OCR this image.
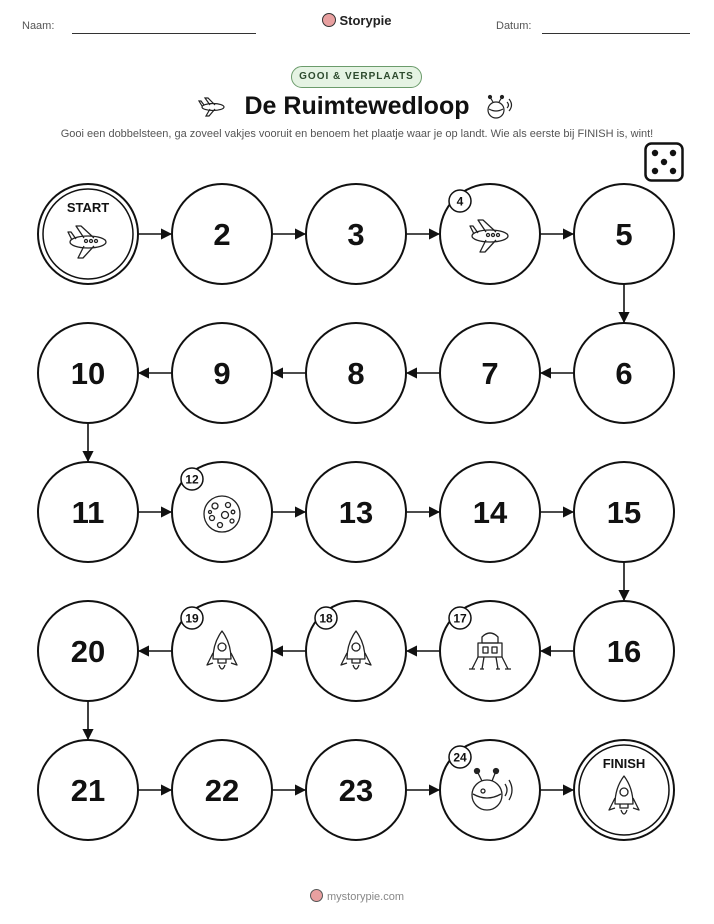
Naam:	Storypie	Datum:
GOOI & VERPLAATS
De Ruimtewedloop
Gooi een dobbelsteen, ga zoveel vakjes vooruit en benoem het plaatje waar je op landt. Wie als eerste bij FINISH is, wint!
START
2	3
4
5
6
7
8
9
10
11
12
13	14	15
16
17
18
19
20
21	22	23
24	FINISH
mystorypie.com
